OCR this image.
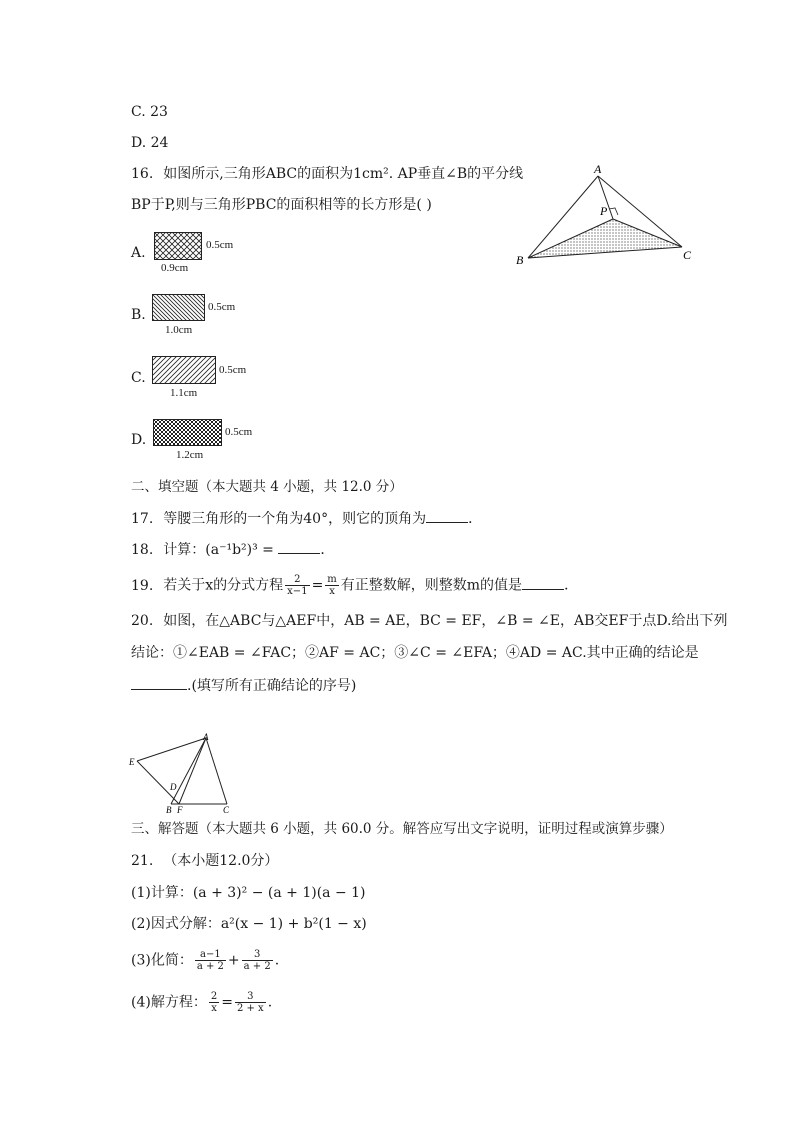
C. 23
D. 24
16. 如图所示,三角形ABC的面积为1cm². AP垂直∠B的平分线
BP于P,则与三角形PBC的面积相等的长方形是( )
A.	0.5cm
0.9cm
B.	0.5cm
1.0cm
C.	0.5cm
1.1cm
D.	0.5cm
1.2cm
A
P
B	C
二、填空题（本大题共 4 小题，共 12.0 分）
17. 等腰三角形的一个角为40°，则它的顶角为	．
18. 计算：(a⁻¹b²)³ =	．
19. 若关于x的分式方程 $\frac{2}{x-1} = \frac{m}{x}$ 有正整数解，则整数m的值是	．
20. 如图，在△ABC与△AEF中，AB = AE，BC = EF，∠B = ∠E，AB交EF于点D.给出下列
结论：①∠EAB = ∠FAC；②AF = AC；③∠C = ∠EFA；④AD = AC.其中正确的结论是
.(填写所有正确结论的序号)
A
E
D
B F	C
三、解答题（本大题共 6 小题，共 60.0 分。解答应写出文字说明，证明过程或演算步骤）
21. （本小题12.0分）
(1)计算：(a + 3)² − (a + 1)(a − 1)
(2)因式分解：a²(x − 1) + b²(1 − x)
(3)化简： $\frac{a-1}{a + 2} + \frac{3}{a + 2}$ .
(4)解方程： $\frac{2}{x} = \frac{3}{2 + x}$ .
